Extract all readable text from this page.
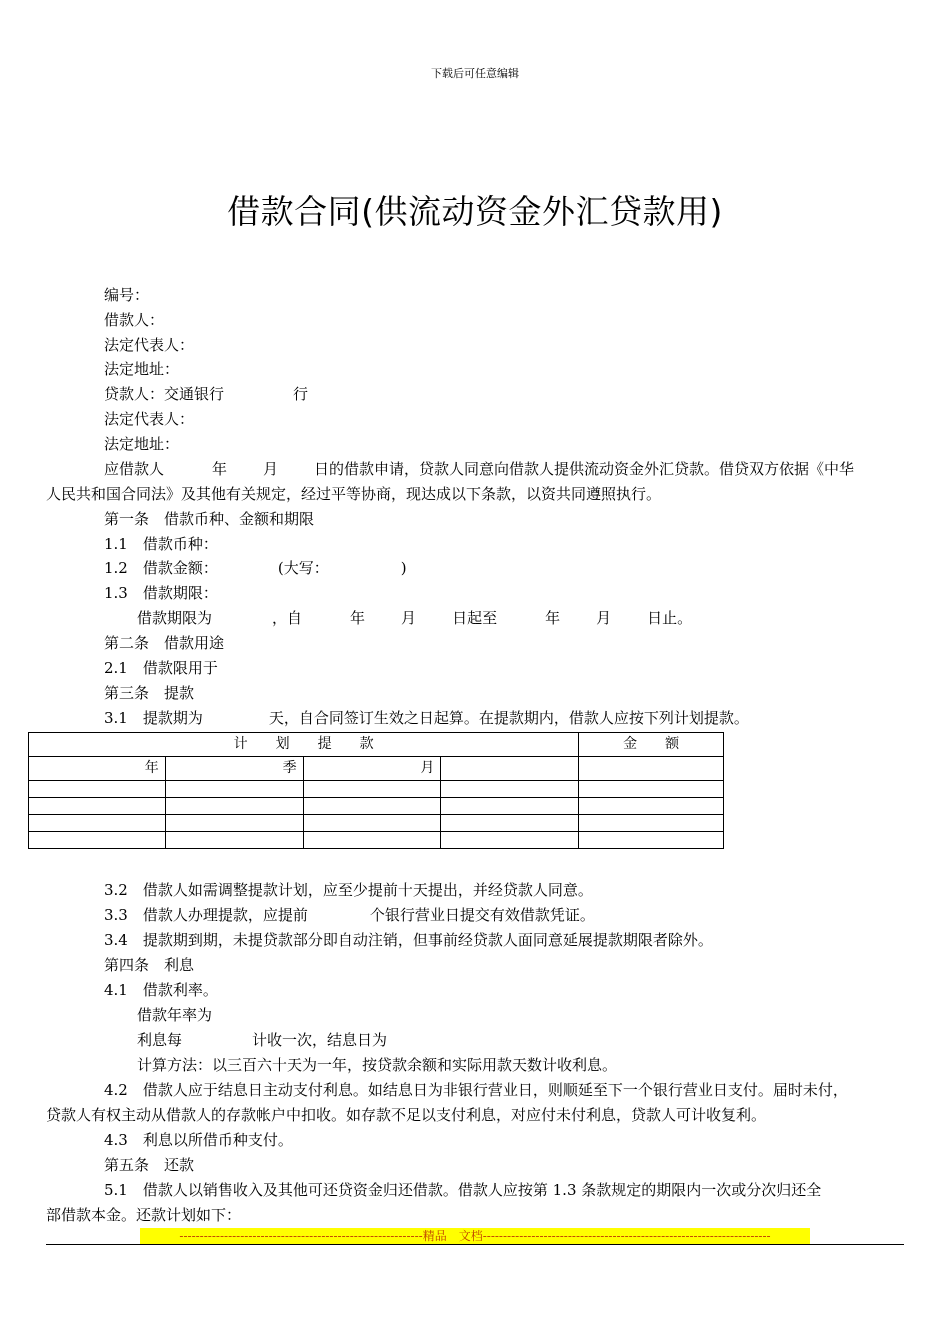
下载后可任意编辑
借款合同(供流动资金外汇贷款用)
编号：
借款人：
法定代表人：
法定地址：
贷款人：交通银行	行
法定代表人：
法定地址：
应借款人	年 月 日的借款申请，贷款人同意向借款人提供流动资金外汇贷款。借贷双方依据《中华
人民共和国合同法》及其他有关规定，经过平等协商，现达成以下条款，以资共同遵照执行。
第一条　借款币种、金额和期限
1.1　借款币种：
1.2　借款金额：	(大写：	)
1.3　借款期限：
借款期限为	，自	年 月 日起至	年 月 日止。
第二条　借款用途
2.1　借款限用于
第三条　提款
3.1　提款期为	天，自合同签订生效之日起算。在提款期内，借款人应按下列计划提款。
计　　划　　提　　款				金　　额
年	季	月		

3.2　借款人如需调整提款计划，应至少提前十天提出，并经贷款人同意。
3.3　借款人办理提款，应提前	个银行营业日提交有效借款凭证。
3.4　提款期到期，未提贷款部分即自动注销，但事前经贷款人面同意延展提款期限者除外。
第四条　利息
4.1　借款利率。
借款年率为
利息每	计收一次，结息日为
计算方法：以三百六十天为一年，按贷款余额和实际用款天数计收利息。
4.2　借款人应于结息日主动支付利息。如结息日为非银行营业日，则顺延至下一个银行营业日支付。届时未付，
贷款人有权主动从借款人的存款帐户中扣收。如存款不足以支付利息，对应付未付利息，贷款人可计收复利。
4.3　利息以所借币种支付。
第五条　还款
5.1　借款人以销售收入及其他可还贷资金归还借款。借款人应按第 1.3 条款规定的期限内一次或分次归还全
部借款本金。还款计划如下：
------------------------------------------------------------精品　文档-----------------------------------------------------------------------
